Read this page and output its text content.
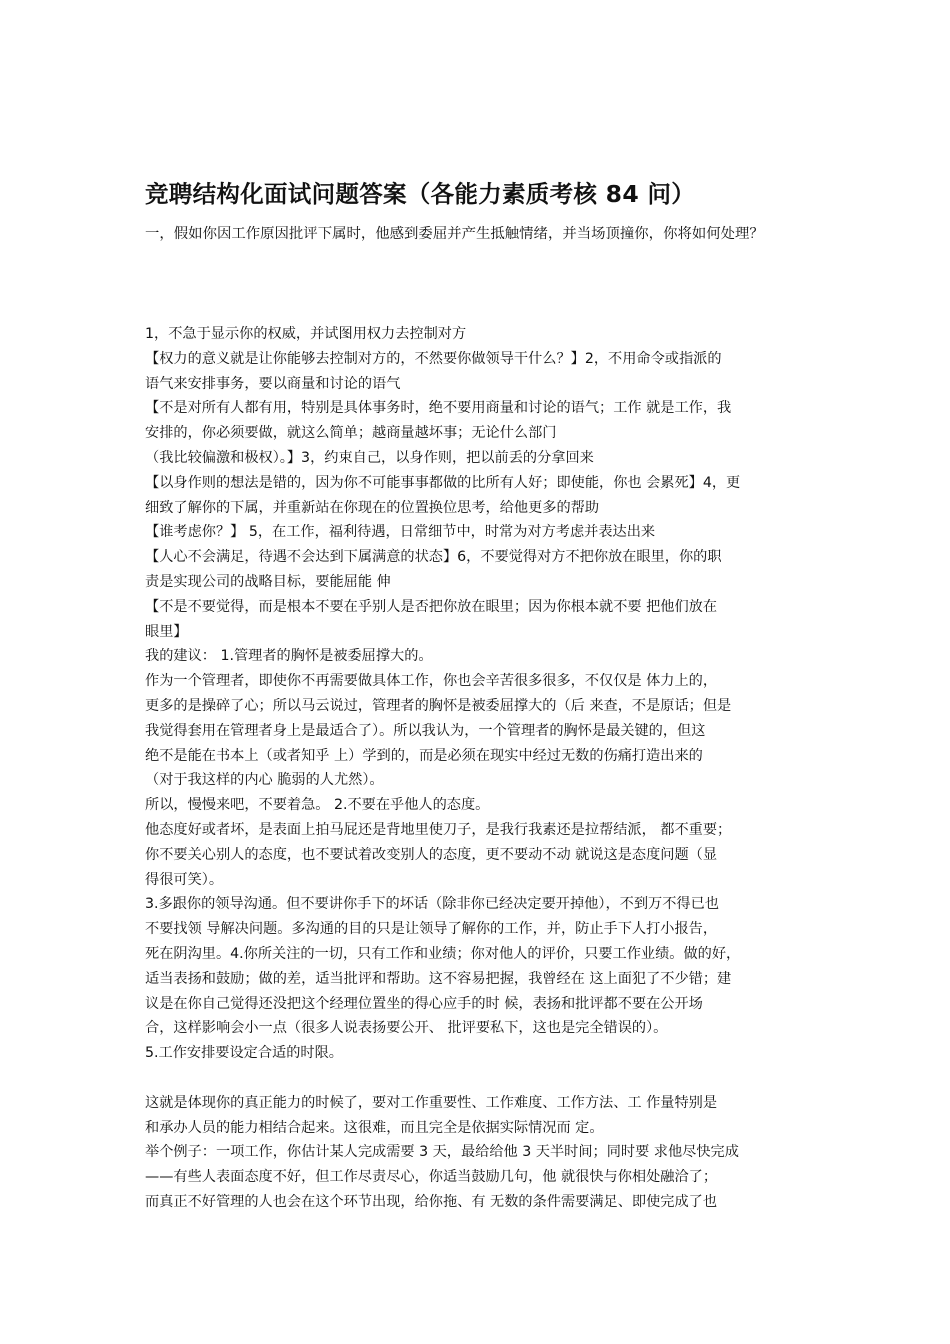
竞聘结构化面试问题答案（各能力素质考核 84 问）

一，假如你因工作原因批评下属时，他感到委屈并产生抵触情绪，并当场顶撞你，你将如何处理？

1，不急于显示你的权威，并试图用权力去控制对方
【权力的意义就是让你能够去控制对方的，不然要你做领导干什么？】2，不用命令或指派的
语气来安排事务，要以商量和讨论的语气
【不是对所有人都有用，特别是具体事务时，绝不要用商量和讨论的语气；工作 就是工作，我
安排的，你必须要做，就这么简单；越商量越坏事；无论什么部门
（我比较偏激和极权）。】3，约束自己，以身作则，把以前丢的分拿回来
【以身作则的想法是错的，因为你不可能事事都做的比所有人好；即使能，你也 会累死】4，更
细致了解你的下属，并重新站在你现在的位置换位思考，给他更多的帮助
【谁考虑你？】 5，在工作，福利待遇，日常细节中，时常为对方考虑并表达出来
【人心不会满足，待遇不会达到下属满意的状态】6，不要觉得对方不把你放在眼里，你的职
责是实现公司的战略目标，要能屈能 伸
【不是不要觉得，而是根本不要在乎别人是否把你放在眼里；因为你根本就不要 把他们放在
眼里】
我的建议： 1.管理者的胸怀是被委屈撑大的。
作为一个管理者，即使你不再需要做具体工作，你也会辛苦很多很多，不仅仅是 体力上的，
更多的是操碎了心；所以马云说过，管理者的胸怀是被委屈撑大的（后 来查，不是原话；但是
我觉得套用在管理者身上是最适合了）。所以我认为，一个管理者的胸怀是最关键的，但这
绝不是能在书本上（或者知乎 上）学到的，而是必须在现实中经过无数的伤痛打造出来的
（对于我这样的内心 脆弱的人尤然）。
所以，慢慢来吧，不要着急。 2.不要在乎他人的态度。
他态度好或者坏，是表面上拍马屁还是背地里使刀子，是我行我素还是拉帮结派， 都不重要；
你不要关心别人的态度，也不要试着改变别人的态度，更不要动不动 就说这是态度问题（显
得很可笑）。
3.多跟你的领导沟通。但不要讲你手下的坏话（除非你已经决定要开掉他），不到万不得已也
不要找领 导解决问题。多沟通的目的只是让领导了解你的工作，并，防止手下人打小报告，
死在阴沟里。4.你所关注的一切，只有工作和业绩；你对他人的评价，只要工作业绩。做的好，
适当表扬和鼓励；做的差，适当批评和帮助。这不容易把握，我曾经在 这上面犯了不少错；建
议是在你自己觉得还没把这个经理位置坐的得心应手的时 候，表扬和批评都不要在公开场
合，这样影响会小一点（很多人说表扬要公开、 批评要私下，这也是完全错误的）。
5.工作安排要设定合适的时限。
这就是体现你的真正能力的时候了，要对工作重要性、工作难度、工作方法、工 作量特别是
和承办人员的能力相结合起来。这很难，而且完全是依据实际情况而 定。
举个例子：一项工作，你估计某人完成需要 3 天，最给给他 3 天半时间；同时要 求他尽快完成
——有些人表面态度不好，但工作尽责尽心，你适当鼓励几句，他 就很快与你相处融洽了；
而真正不好管理的人也会在这个环节出现，给你拖、有 无数的条件需要满足、即使完成了也
